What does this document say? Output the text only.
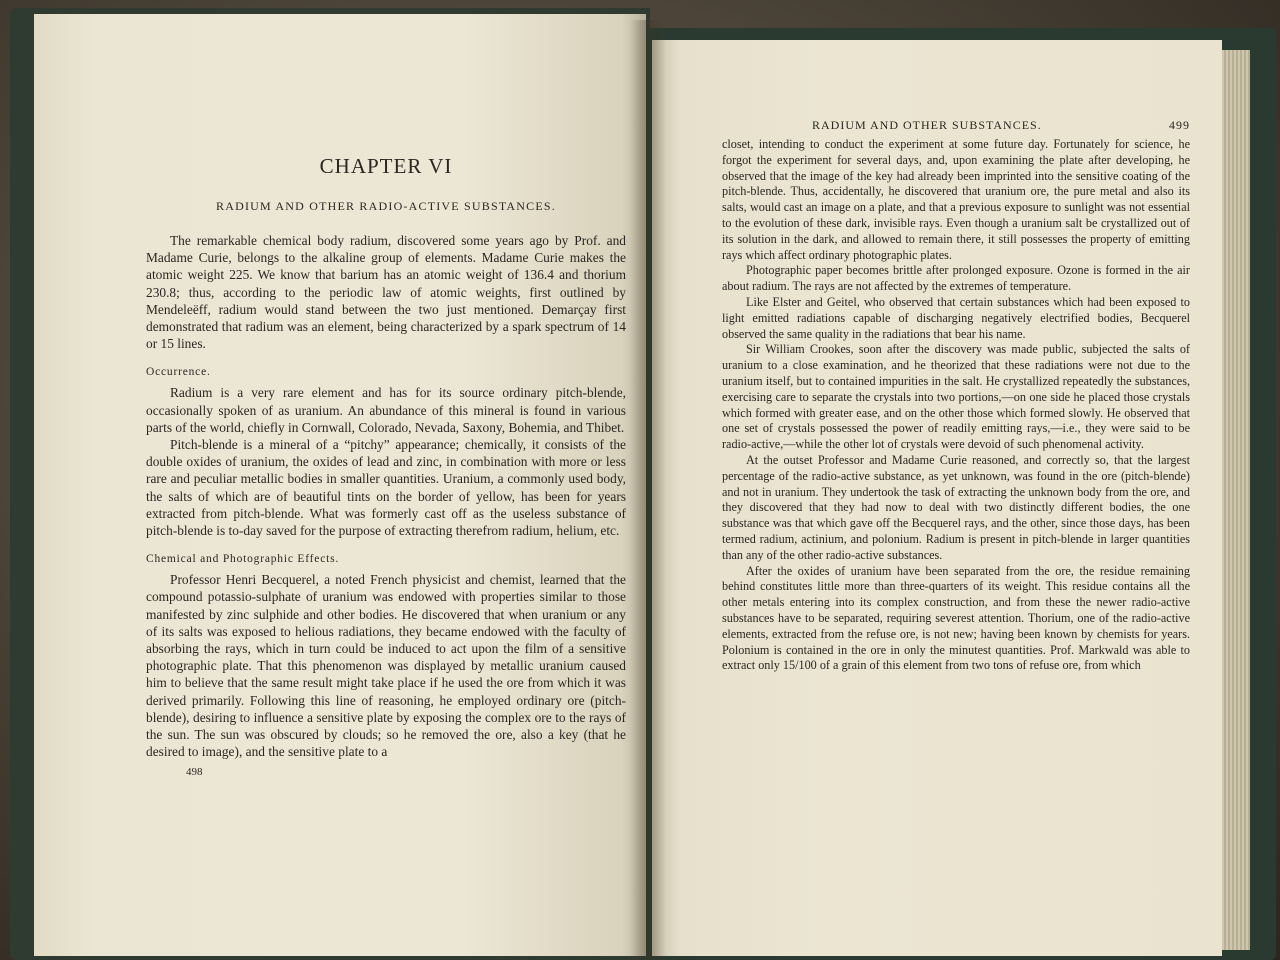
CHAPTER VI
RADIUM AND OTHER RADIO-ACTIVE SUBSTANCES.

The remarkable chemical body radium, discovered some years ago by Prof. and Madame Curie, belongs to the alkaline group of elements. Madame Curie makes the atomic weight 225. We know that barium has an atomic weight of 136.4 and thorium 230.8; thus, according to the periodic law of atomic weights, first outlined by Mendeleëff, radium would stand between the two just mentioned. Demarçay first demonstrated that radium was an element, being characterized by a spark spectrum of 14 or 15 lines.

Occurrence.

Radium is a very rare element and has for its source ordinary pitch-blende, occasionally spoken of as uranium. An abundance of this mineral is found in various parts of the world, chiefly in Cornwall, Colorado, Nevada, Saxony, Bohemia, and Thibet.

Pitch-blende is a mineral of a “pitchy” appearance; chemically, it consists of the double oxides of uranium, the oxides of lead and zinc, in combination with more or less rare and peculiar metallic bodies in smaller quantities. Uranium, a commonly used body, the salts of which are of beautiful tints on the border of yellow, has been for years extracted from pitch-blende. What was formerly cast off as the useless substance of pitch-blende is to-day saved for the purpose of extracting therefrom radium, helium, etc.

Chemical and Photographic Effects.

Professor Henri Becquerel, a noted French physicist and chemist, learned that the compound potassio-sulphate of uranium was endowed with properties similar to those manifested by zinc sulphide and other bodies. He discovered that when uranium or any of its salts was exposed to helious radiations, they became endowed with the faculty of absorbing the rays, which in turn could be induced to act upon the film of a sensitive photographic plate. That this phenomenon was displayed by metallic uranium caused him to believe that the same result might take place if he used the ore from which it was derived primarily. Following this line of reasoning, he employed ordinary ore (pitch-blende), desiring to influence a sensitive plate by exposing the complex ore to the rays of the sun. The sun was obscured by clouds; so he removed the ore, also a key (that he desired to image), and the sensitive plate to a

498
RADIUM AND OTHER SUBSTANCES.	499

closet, intending to conduct the experiment at some future day. Fortunately for science, he forgot the experiment for several days, and, upon examining the plate after developing, he observed that the image of the key had already been imprinted into the sensitive coating of the pitch-blende. Thus, accidentally, he discovered that uranium ore, the pure metal and also its salts, would cast an image on a plate, and that a previous exposure to sunlight was not essential to the evolution of these dark, invisible rays. Even though a uranium salt be crystallized out of its solution in the dark, and allowed to remain there, it still possesses the property of emitting rays which affect ordinary photographic plates.

Photographic paper becomes brittle after prolonged exposure. Ozone is formed in the air about radium. The rays are not affected by the extremes of temperature.

Like Elster and Geitel, who observed that certain substances which had been exposed to light emitted radiations capable of discharging negatively electrified bodies, Becquerel observed the same quality in the radiations that bear his name.

Sir William Crookes, soon after the discovery was made public, subjected the salts of uranium to a close examination, and he theorized that these radiations were not due to the uranium itself, but to contained impurities in the salt. He crystallized repeatedly the substances, exercising care to separate the crystals into two portions,—on one side he placed those crystals which formed with greater ease, and on the other those which formed slowly. He observed that one set of crystals possessed the power of readily emitting rays,—i.e., they were said to be radio-active,—while the other lot of crystals were devoid of such phenomenal activity.

At the outset Professor and Madame Curie reasoned, and correctly so, that the largest percentage of the radio-active substance, as yet unknown, was found in the ore (pitch-blende) and not in uranium. They undertook the task of extracting the unknown body from the ore, and they discovered that they had now to deal with two distinctly different bodies, the one substance was that which gave off the Becquerel rays, and the other, since those days, has been termed radium, actinium, and polonium. Radium is present in pitch-blende in larger quantities than any of the other radio-active substances.

After the oxides of uranium have been separated from the ore, the residue remaining behind constitutes little more than three-quarters of its weight. This residue contains all the other metals entering into its complex construction, and from these the newer radio-active substances have to be separated, requiring severest attention. Thorium, one of the radio-active elements, extracted from the refuse ore, is not new; having been known by chemists for years. Polonium is contained in the ore in only the minutest quantities. Prof. Markwald was able to extract only 15/100 of a grain of this element from two tons of refuse ore, from which
